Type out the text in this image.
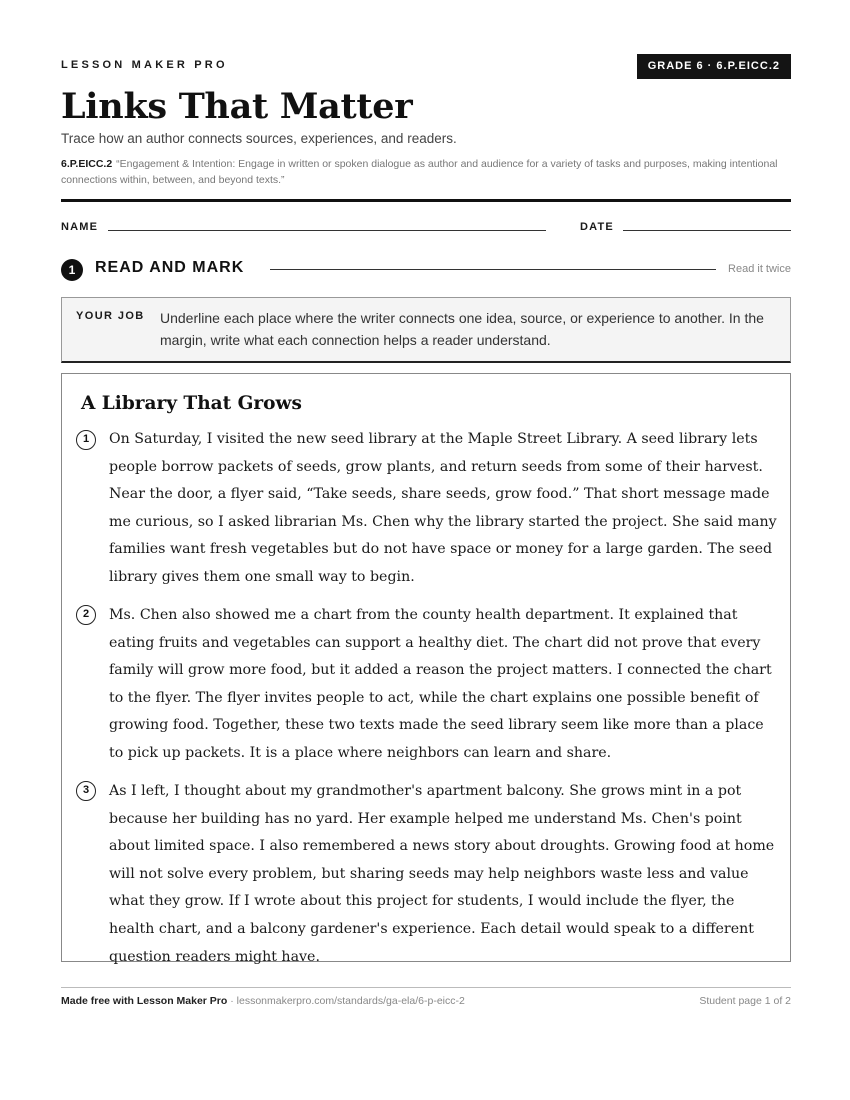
LESSON MAKER PRO	GRADE 6 · 6.P.EICC.2
Links That Matter
Trace how an author connects sources, experiences, and readers.
6.P.EICC.2 “Engagement & Intention: Engage in written or spoken dialogue as author and audience for a variety of tasks and purposes, making intentional connections within, between, and beyond texts.”
NAME	DATE
1	READ AND MARK	Read it twice
YOUR JOB Underline each place where the writer connects one idea, source, or experience to another. In the margin, write what each connection helps a reader understand.
A Library That Grows
1	On Saturday, I visited the new seed library at the Maple Street Library. A seed library lets people borrow packets of seeds, grow plants, and return seeds from some of their harvest. Near the door, a flyer said, “Take seeds, share seeds, grow food.” That short message made me curious, so I asked librarian Ms. Chen why the library started the project. She said many families want fresh vegetables but do not have space or money for a large garden. The seed library gives them one small way to begin.
2	Ms. Chen also showed me a chart from the county health department. It explained that eating fruits and vegetables can support a healthy diet. The chart did not prove that every family will grow more food, but it added a reason the project matters. I connected the chart to the flyer. The flyer invites people to act, while the chart explains one possible benefit of growing food. Together, these two texts made the seed library seem like more than a place to pick up packets. It is a place where neighbors can learn and share.
3	As I left, I thought about my grandmother's apartment balcony. She grows mint in a pot because her building has no yard. Her example helped me understand Ms. Chen's point about limited space. I also remembered a news story about droughts. Growing food at home will not solve every problem, but sharing seeds may help neighbors waste less and value what they grow. If I wrote about this project for students, I would include the flyer, the health chart, and a balcony gardener's experience. Each detail would speak to a different question readers might have.
Made free with Lesson Maker Pro · lessonmakerpro.com/standards/ga-ela/6-p-eicc-2	Student page 1 of 2
